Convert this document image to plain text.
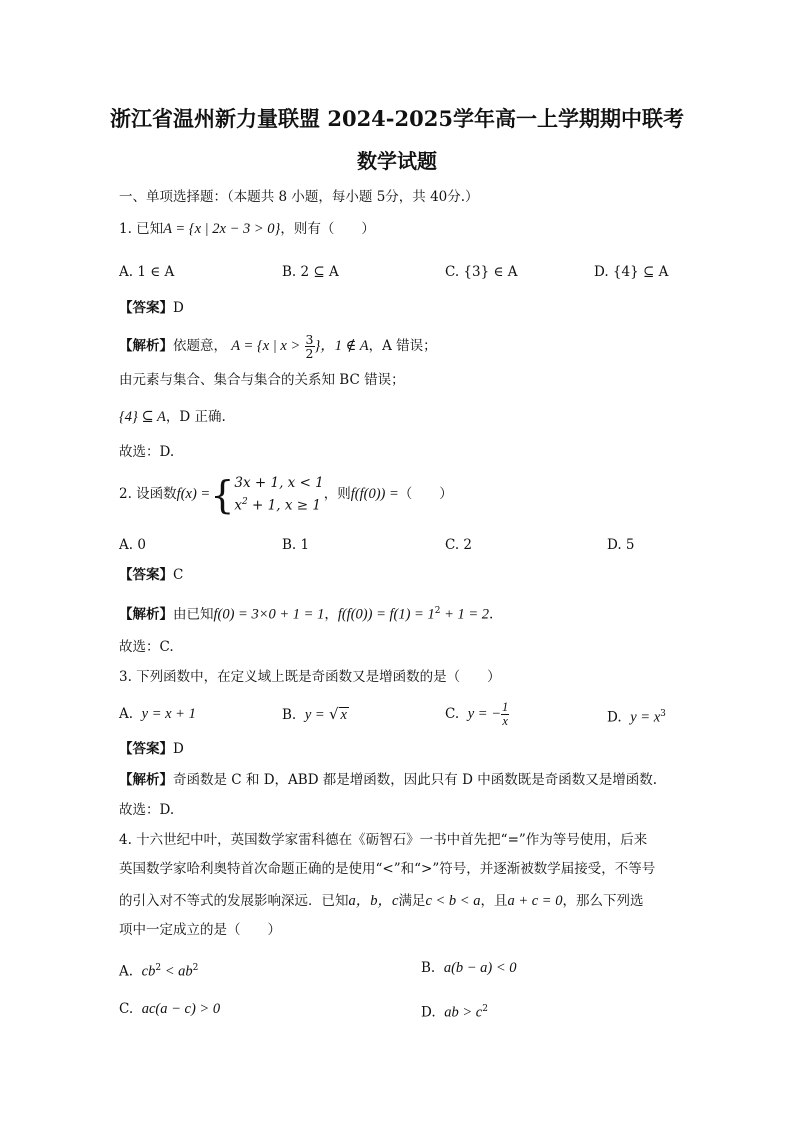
浙江省温州新力量联盟 2024-2025学年高一上学期期中联考
数学试题
一、单项选择题：（本题共 8 小题，每小题 5分，共 40分.）
1. 已知A = {x | 2x − 3 > 0}，则有（　　）
A. 1 ∈ A	B. 2 ⊆ A	C. {3} ∈ A	D. {4} ⊆ A
【答案】D
【解析】依题意， A = {x | $x > \frac{3}{2}$ }，1 ∉ A，A 错误；
由元素与集合、集合与集合的关系知 BC 错误；
{4} ⊆ A，D 正确.
故选：D.
2. 设函数f(x) ={ 3x + 1, x < 1
$x^2 + 1$, x ≥ 1
，则f(f(0)) =（　　）
A. 0	B. 1	C. 2	D. 5
【答案】C
【解析】由已知f(0) = 3×0 + 1 = 1，$f(f(0)) = f(1) = 1^2 + 1 = 2$.
故选：C.
3. 下列函数中，在定义域上既是奇函数又是增函数的是（　　）
A. y = x + 1	B. y = √ x	C. y = − $\frac{1}{x}$	D. $y = x^3$
【答案】D
【解析】奇函数是 C 和 D，ABD 都是增函数，因此只有 D 中函数既是奇函数又是增函数.
故选：D.
4. 十六世纪中叶，英国数学家雷科德在《砺智石》一书中首先把“=”作为等号使用，后来
英国数学家哈利奥特首次命题正确的是使用“<”和“>”符号，并逐渐被数学届接受，不等号
的引入对不等式的发展影响深远．已知a，b，c满足c < b < a，且a + c = 0，那么下列选
项中一定成立的是（　　）
A. $cb^2 < ab^2$	B. a(b − a) < 0
C. ac(a − c) > 0	D. ab > $c^2$
